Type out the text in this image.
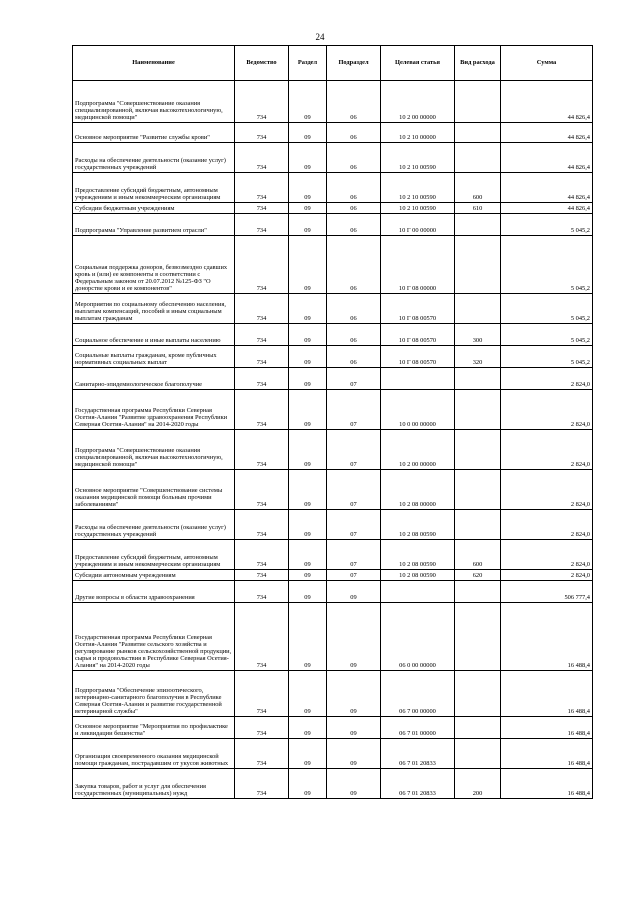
24
Наименование	Ведомство	Раздел	Подраздел	Целевая статья	Вид расхода	Сумма
Подпрограмма "Совершенствование оказания специализированной, включая высокотехнологичную, медицинской помощи"	734	09	06	10 2 00 00000		44 826,4
Основное мероприятие "Развитие службы крови"	734	09	06	10 2 10 00000		44 826,4
Расходы на обеспечение деятельности (оказание услуг) государственных учреждений	734	09	06	10 2 10 00590		44 826,4
Предоставление субсидий бюджетным, автономным учреждениям и иным некоммерческим организациям	734	09	06	10 2 10 00590	600	44 826,4
Субсидии бюджетным учреждениям	734	09	06	10 2 10 00590	610	44 826,4
Подпрограмма "Управление развитием отрасли"	734	09	06	10 Г 00 00000		5 045,2
Социальная поддержка доноров, безвозмездно сдавших кровь и (или) ее компоненты в соответствии с Федеральным законом от 20.07.2012 №125-ФЗ "О донорстве крови и ее компонентов"	734	09	06	10 Г 08 00000		5 045,2
Мероприятия по социальному обеспечению населения, выплатам компенсаций, пособий и иным социальным выплатам гражданам	734	09	06	10 Г 08 00570		5 045,2
Социальное обеспечение и иные выплаты населению	734	09	06	10 Г 08 00570	300	5 045,2
Социальные выплаты гражданам, кроме публичных нормативных социальных выплат	734	09	06	10 Г 08 00570	320	5 045,2
Санитарно-эпидемиологическое благополучие	734	09	07			2 824,0
Государственная программа Республики Северная Осетия-Алания "Развитие здравоохранения Республики Северная Осетия-Алания" на 2014-2020 годы	734	09	07	10 0 00 00000		2 824,0
Подпрограмма "Совершенствование оказания специализированной, включая высокотехнологичную, медицинской помощи"	734	09	07	10 2 00 00000		2 824,0
Основное мероприятие "Совершенствование системы оказания медицинской помощи больным прочими заболеваниями"	734	09	07	10 2 08 00000		2 824,0
Расходы на обеспечение деятельности (оказание услуг) государственных учреждений	734	09	07	10 2 08 00590		2 824,0
Предоставление субсидий бюджетным, автономным учреждениям и иным некоммерческим организациям	734	09	07	10 2 08 00590	600	2 824,0
Субсидии автономным учреждениям	734	09	07	10 2 08 00590	620	2 824,0
Другие вопросы в области здравоохранения	734	09	09			506 777,4
Государственная программа Республики Северная Осетия-Алания "Развитие сельского хозяйства и регулирование рынков сельскохозяйственной продукции, сырья и продовольствия в Республике Северная Осетия-Алания" на 2014-2020 годы	734	09	09	06 0 00 00000		16 488,4
Подпрограмма "Обеспечение эпизоотического, ветеринарно-санитарного благополучия в Республике Северная Осетия-Алания и развитие государственной ветеринарной службы"	734	09	09	06 7 00 00000		16 488,4
Основное мероприятие "Мероприятия по профилактике и ликвидации бешенства"	734	09	09	06 7 01 00000		16 488,4
Организация своевременного оказания медицинской помощи гражданам, пострадавшим от укусов животных	734	09	09	06 7 01 20833		16 488,4
Закупка товаров, работ и услуг для обеспечения государственных (муниципальных) нужд	734	09	09	06 7 01 20833	200	16 488,4
